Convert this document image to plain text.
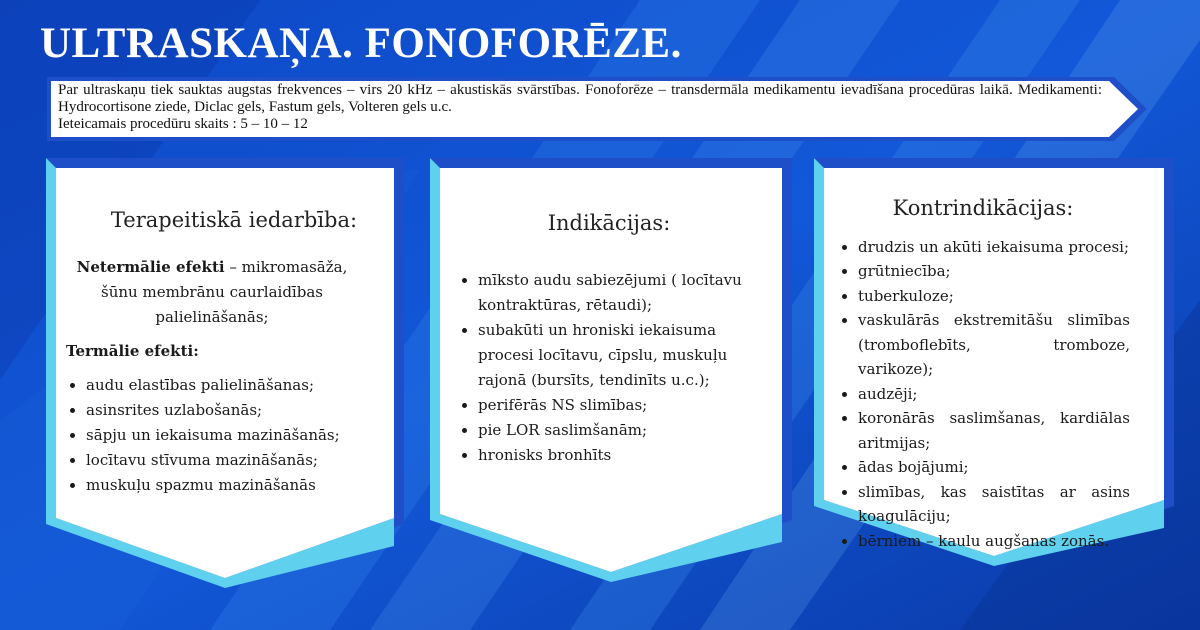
ULTRASKAŅA. FONOFORĒZE.
Par ultraskaņu tiek sauktas augstas frekvences – virs 20 kHz – akustiskās svārstības. Fonoforēze – transdermāla medikamentu ievadīšana procedūras laikā. Medikamenti: Hydrocortisone ziede, Diclac gels, Fastum gels, Volteren gels u.c.
Ieteicamais procedūru skaits : 5 – 10 – 12
Terapeitiskā iedarbība:

Netermālie efekti – mikromasāža, šūnu membrānu caurlaidības palielināšanās;

Termālie efekti:

• audu elastības palielināšanas;
• asinsrites uzlabošanās;
• sāpju un iekaisuma mazināšanās;
• locītavu stīvuma mazināšanās;
• muskuļu spazmu mazināšanās
Indikācijas:
• mīksto audu sabiezējumi ( locītavu kontraktūras, rētaudi);
• subakūti un hroniski iekaisuma procesi locītavu, cīpslu, muskuļu rajonā (bursīts, tendinīts u.c.);
• perifērās NS slimības;
• pie LOR saslimšanām;
• hronisks bronhīts
Kontrindikācijas:
• drudzis un akūti iekaisuma procesi;
• grūtniecība;
• tuberkuloze;
• vaskulārās ekstremitāšu slimības (tromboflebīts, tromboze, varikoze);
• audzēji;
• koronārās saslimšanas, kardiālas aritmijas;
• ādas bojājumi;
• slimības, kas saistītas ar asins koagulāciju;
• bērniem – kaulu augšanas zonās.
